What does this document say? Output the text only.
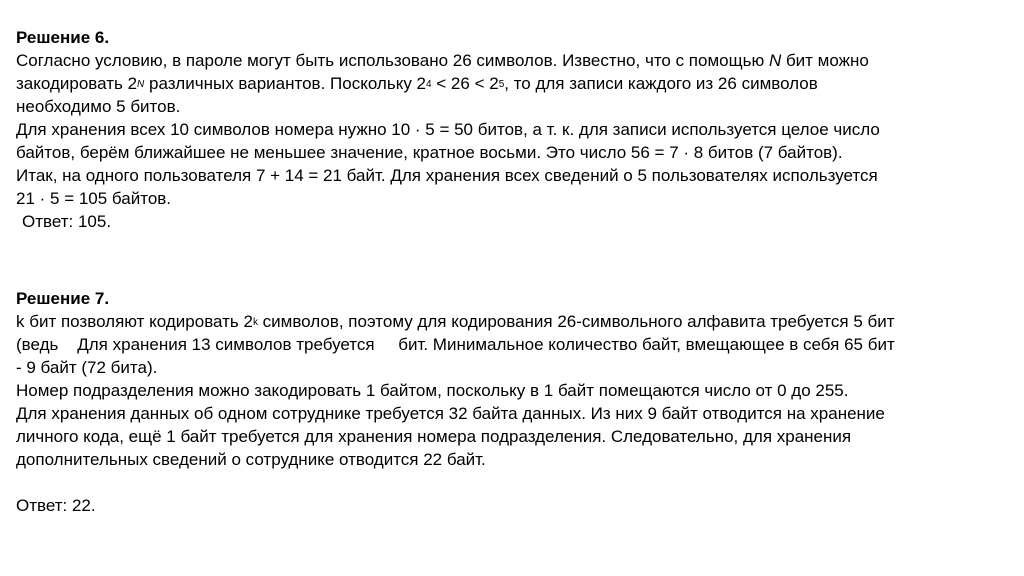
Решение 6.
Согласно условию, в пароле могут быть использовано 26 символов. Известно, что с помощью N бит можно
закодировать $2^N$ различных вариантов. Поскольку $2^4 < 26 < 2^5$, то для записи каждого из 26 символов
необходимо 5 битов.
Для хранения всех 10 символов номера нужно 10 · 5 = 50 битов, а т. к. для записи используется целое число
байтов, берём ближайшее не меньшее значение, кратное восьми. Это число 56 = 7 · 8 битов (7 байтов).
Итак, на одного пользователя 7 + 14 = 21 байт. Для хранения всех сведений о 5 пользователях используется
21 · 5 = 105 байтов.
Ответ: 105.
Решение 7.
k бит позволяют кодировать 2$^k$ символов, поэтому для кодирования 26-символьного алфавита требуется 5 бит
(ведь    Для хранения 13 символов требуется     бит. Минимальное количество байт, вмещающее в себя 65 бит
- 9 байт (72 бита).
Номер подразделения можно закодировать 1 байтом, поскольку в 1 байт помещаются число от 0 до 255.
Для хранения данных об одном сотруднике требуется 32 байта данных. Из них 9 байт отводится на хранение
личного кода, ещё 1 байт требуется для хранения номера подразделения. Следовательно, для хранения
дополнительных сведений о сотруднике отводится 22 байт.
Ответ: 22.
